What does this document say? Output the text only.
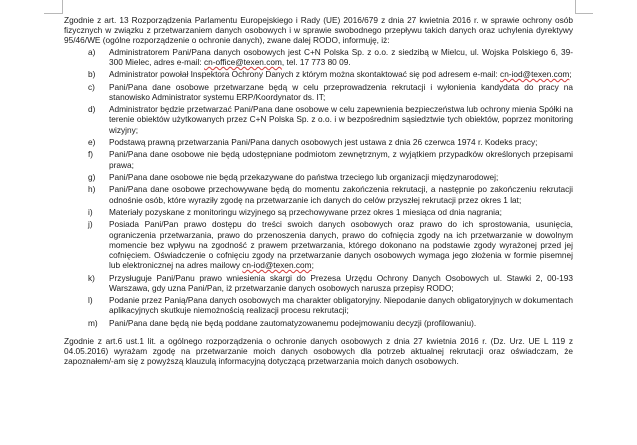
Zgodnie z art. 13 Rozporządzenia Parlamentu Europejskiego i Rady (UE) 2016/679 z dnia 27 kwietnia 2016 r. w sprawie ochrony osób fizycznych w związku z przetwarzaniem danych osobowych i w sprawie swobodnego przepływu takich danych oraz uchylenia dyrektywy 95/46/WE (ogólne rozporządzenie o ochronie danych), zwane dalej RODO, informuję, iż:

a) Administratorem Pani/Pana danych osobowych jest C+N Polska Sp. z o.o. z siedzibą w Mielcu, ul. Wojska Polskiego 6, 39-300 Mielec, adres e-mail: cn-office@texen.com, tel. 17 773 80 09.
b) Administrator powołał Inspektora Ochrony Danych z którym można skontaktować się pod adresem e-mail: cn-iod@texen.com;
c) Pani/Pana dane osobowe przetwarzane będą w celu przeprowadzenia rekrutacji i wyłonienia kandydata do pracy na stanowisko Administrator systemu ERP/Koordynator ds. IT;
d) Administrator będzie przetwarzać Pani/Pana dane osobowe w celu zapewnienia bezpieczeństwa lub ochrony mienia Spółki na terenie obiektów użytkowanych przez C+N Polska Sp. z o.o. i w bezpośrednim sąsiedztwie tych obiektów, poprzez monitoring wizyjny;
e) Podstawą prawną przetwarzania Pani/Pana danych osobowych jest ustawa z dnia 26 czerwca 1974 r. Kodeks pracy;
f) Pani/Pana dane osobowe nie będą udostępniane podmiotom zewnętrznym, z wyjątkiem przypadków określonych przepisami prawa;
g) Pani/Pana dane osobowe nie będą przekazywane do państwa trzeciego lub organizacji międzynarodowej;
h) Pani/Pana dane osobowe przechowywane będą do momentu zakończenia rekrutacji, a następnie po zakończeniu rekrutacji odnośnie osób, które wyraziły zgodę na przetwarzanie ich danych do celów przyszłej rekrutacji przez okres 1 lat;
i) Materiały pozyskane z monitoringu wizyjnego są przechowywane przez okres 1 miesiąca od dnia nagrania;
j) Posiada Pani/Pan prawo dostępu do treści swoich danych osobowych oraz prawo do ich sprostowania, usunięcia, ograniczenia przetwarzania, prawo do przenoszenia danych, prawo do cofnięcia zgody na ich przetwarzanie w dowolnym momencie bez wpływu na zgodność z prawem przetwarzania, którego dokonano na podstawie zgody wyrażonej przed jej cofnięciem. Oświadczenie o cofnięciu zgody na przetwarzanie danych osobowych wymaga jego złożenia w formie pisemnej lub elektronicznej na adres mailowy cn-iod@texen.com;
k) Przysługuje Pani/Panu prawo wniesienia skargi do Prezesa Urzędu Ochrony Danych Osobowych ul. Stawki 2, 00-193 Warszawa, gdy uzna Pani/Pan, iż przetwarzanie danych osobowych narusza przepisy RODO;
l) Podanie przez Panią/Pana danych osobowych ma charakter obligatoryjny. Niepodanie danych obligatoryjnych w dokumentach aplikacyjnych skutkuje niemożnością realizacji procesu rekrutacji;
m) Pani/Pana dane będą nie będą poddane zautomatyzowanemu podejmowaniu decyzji (profilowaniu).

Zgodnie z art.6 ust.1 lit. a ogólnego rozporządzenia o ochronie danych osobowych z dnia 27 kwietnia 2016 r. (Dz. Urz. UE L 119 z 04.05.2016) wyrażam zgodę na przetwarzanie moich danych osobowych dla potrzeb aktualnej rekrutacji oraz oświadczam, że zapoznałem/-am się z powyższą klauzulą informacyjną dotyczącą przetwarzania moich danych osobowych.
